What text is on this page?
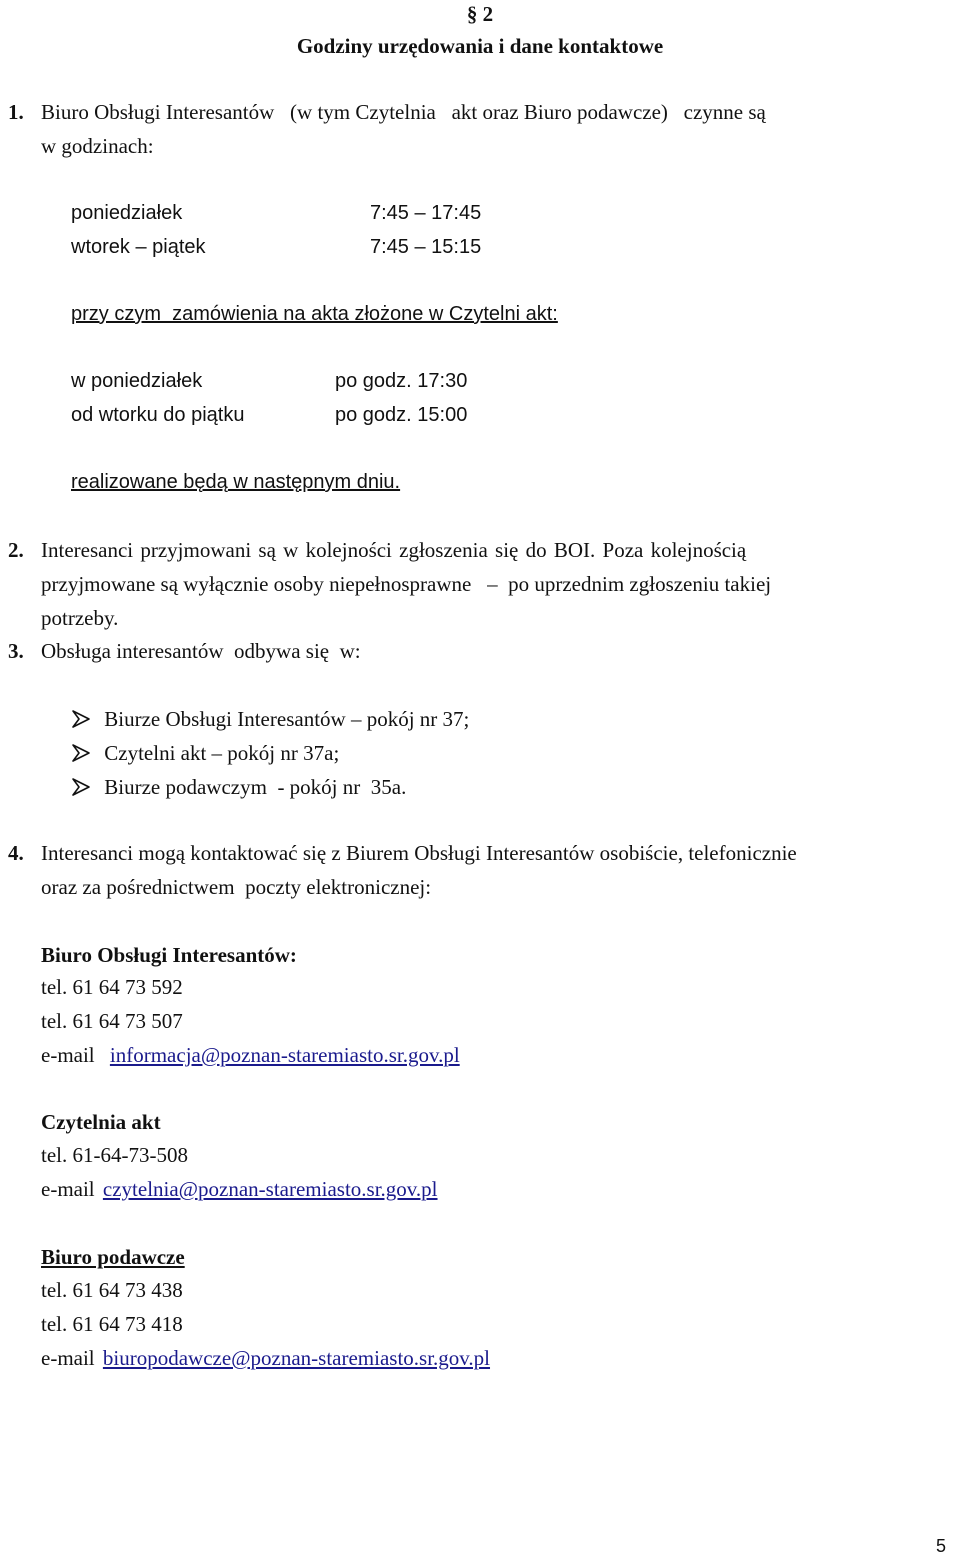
§ 2
Godziny urzędowania i dane kontaktowe
1. Biuro Obsługi Interesantów   (w tym Czytelnia   akt oraz Biuro podawcze)   czynne są
w godzinach:
poniedziałek	7:45 – 17:45
wtorek – piątek	7:45 – 15:15
przy czym  zamówienia na akta złożone w Czytelni akt:
w poniedziałek	po godz. 17:30
od wtorku do piątku	po godz. 15:00
realizowane będą w następnym dniu.
2. Interesanci przyjmowani są w kolejności zgłoszenia się do BOI. Poza kolejnością
przyjmowane są wyłącznie osoby niepełnosprawne   –  po uprzednim zgłoszeniu takiej
potrzeby.
3. Obsługa interesantów  odbywa się  w:
Biurze Obsługi Interesantów – pokój nr 37;
Czytelni akt – pokój nr 37a;
Biurze podawczym  - pokój nr  35a.
4. Interesanci mogą kontaktować się z Biurem Obsługi Interesantów osobiście, telefonicznie
oraz za pośrednictwem  poczty elektronicznej:
Biuro Obsługi Interesantów:
tel. 61 64 73 592
tel. 61 64 73 507
e-mail informacja@poznan-staremiasto.sr.gov.pl
Czytelnia akt
tel. 61-64-73-508
e-mail czytelnia@poznan-staremiasto.sr.gov.pl
Biuro podawcze
tel. 61 64 73 438
tel. 61 64 73 418
e-mail biuropodawcze@poznan-staremiasto.sr.gov.pl
5
